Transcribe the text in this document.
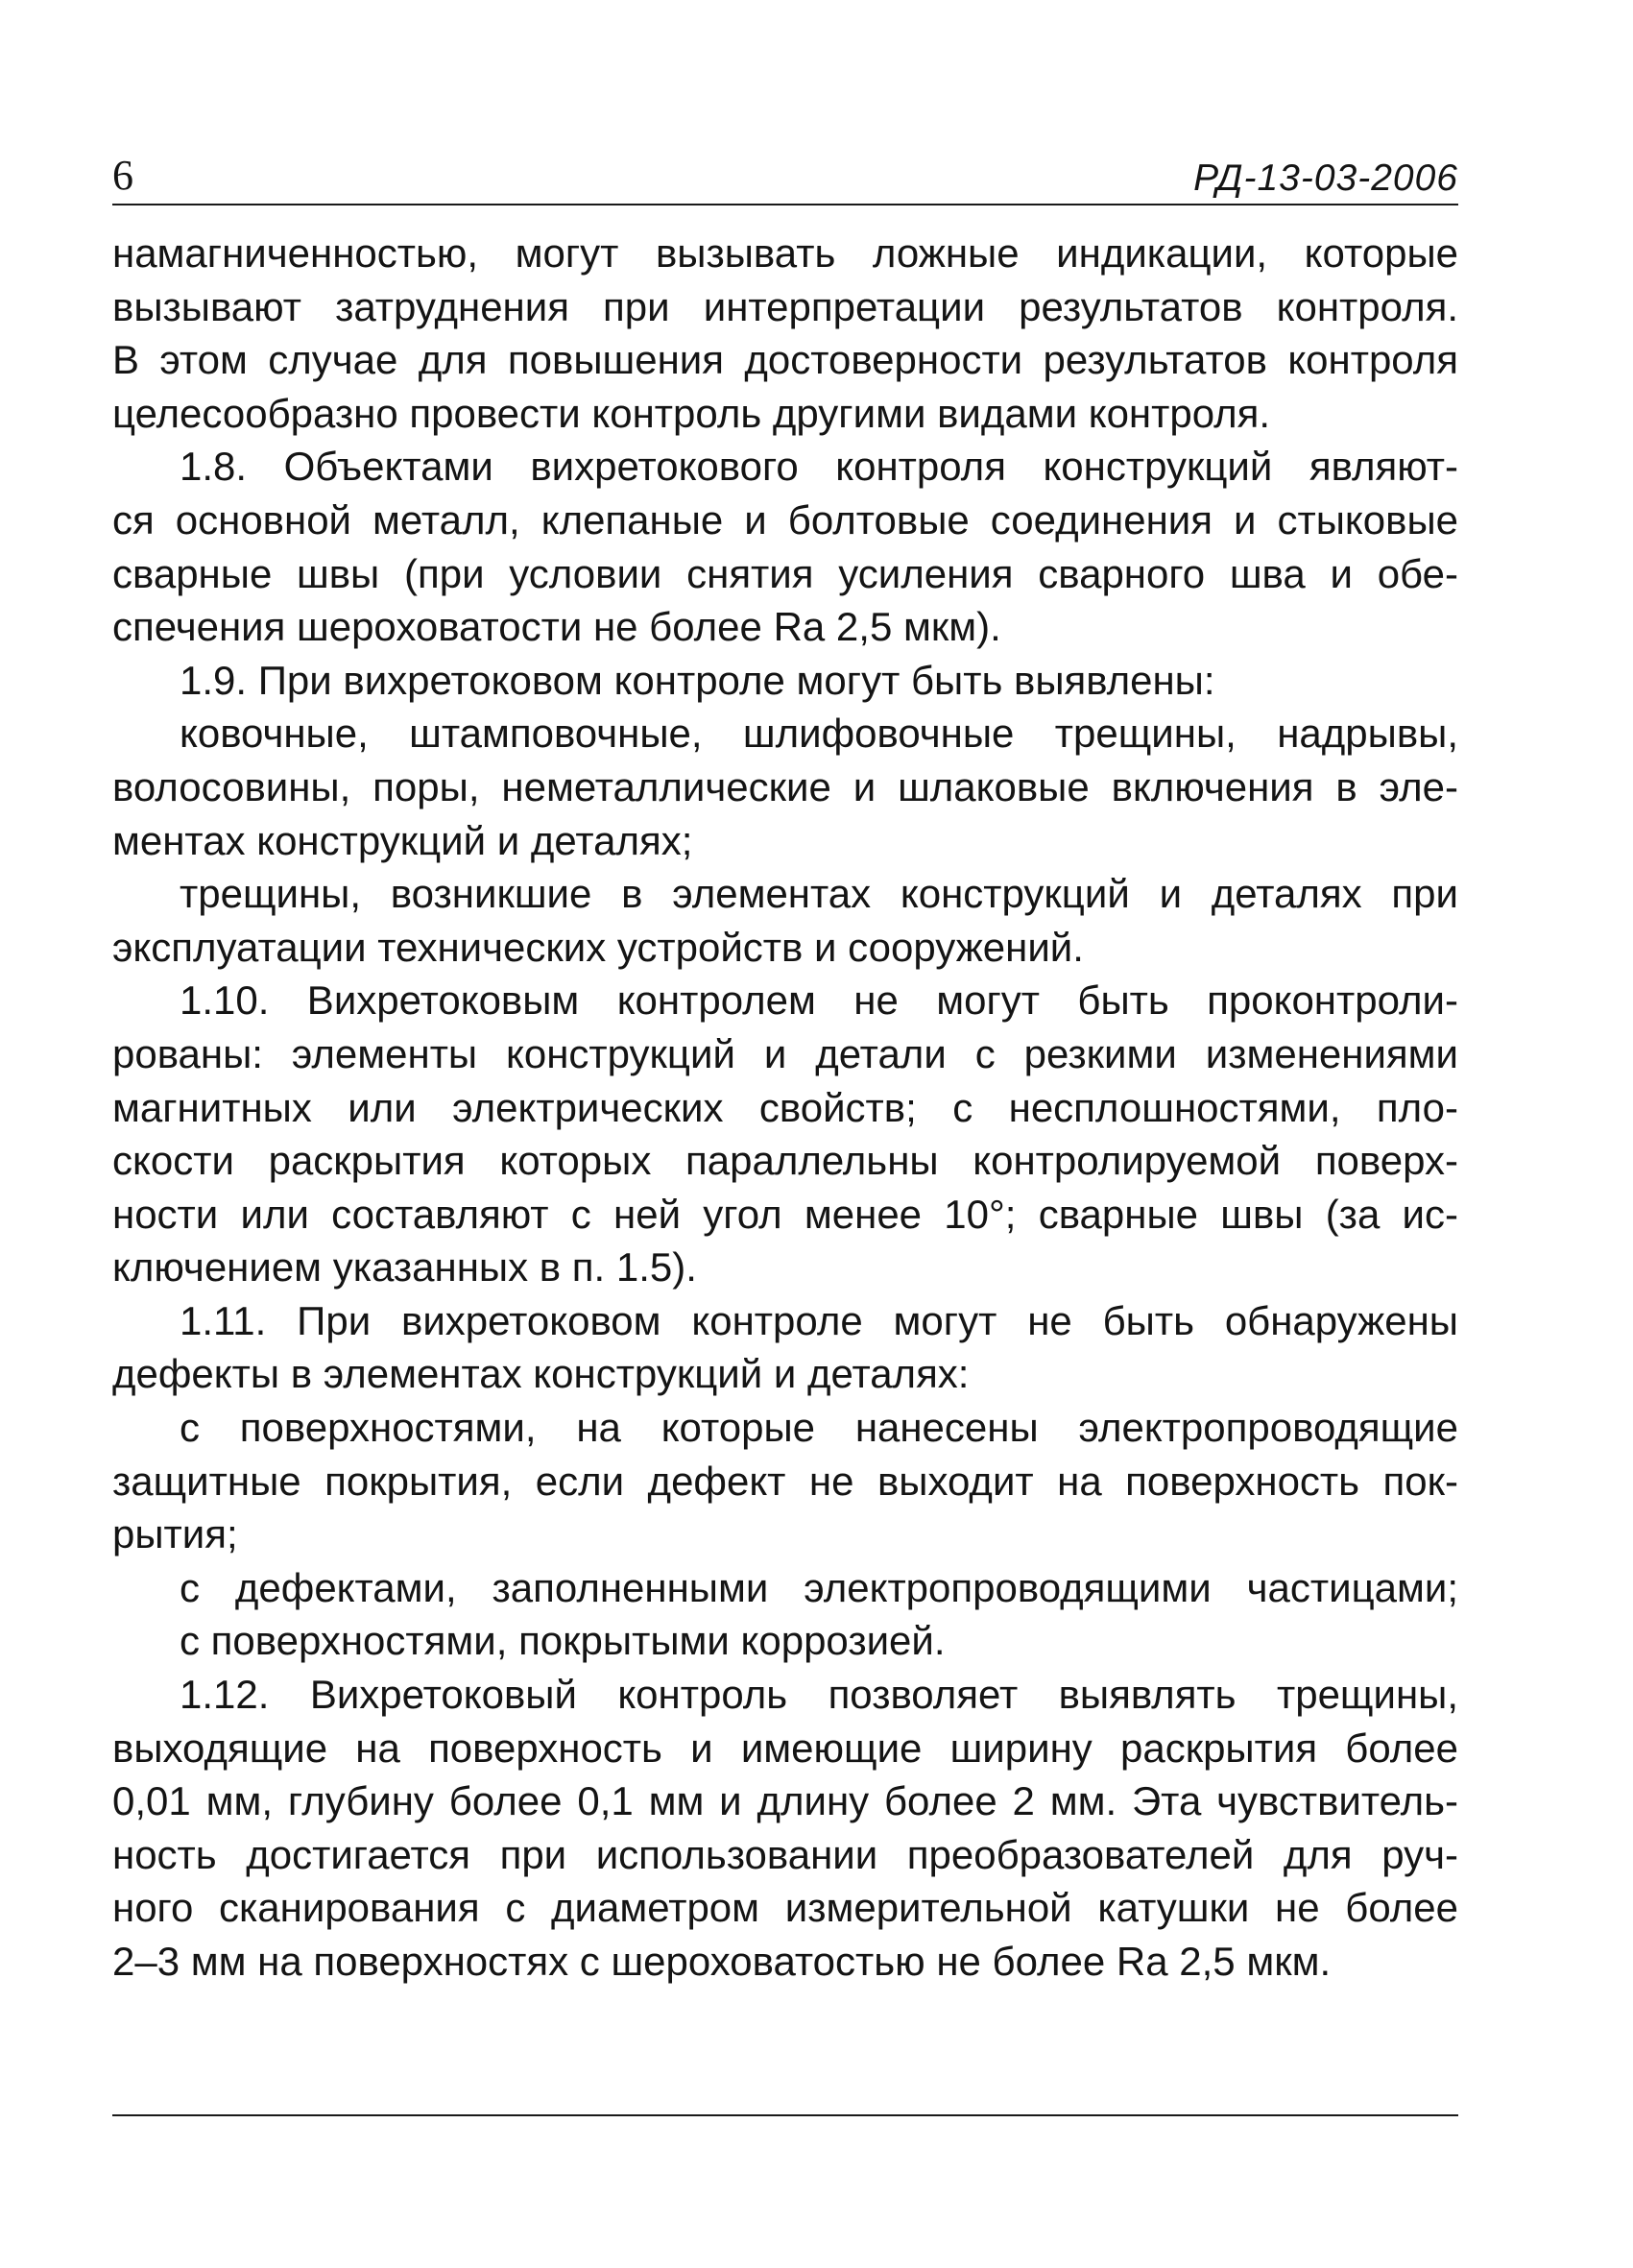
6	РД-13-03-2006
намагниченностью, могут вызывать ложные индикации, которые
вызывают затруднения при интерпретации результатов контроля.
В этом случае для повышения достоверности результатов контроля
целесообразно провести контроль другими видами контроля.
1.8. Объектами вихретокового контроля конструкций являют-
ся основной металл, клепаные и болтовые соединения и стыковые
сварные швы (при условии снятия усиления сварного шва и обе-
спечения шероховатости не более Ra 2,5 мкм).
1.9. При вихретоковом контроле могут быть выявлены:
ковочные, штамповочные, шлифовочные трещины, надрывы,
волосовины, поры, неметаллические и шлаковые включения в эле-
ментах конструкций и деталях;
трещины, возникшие в элементах конструкций и деталях при
эксплуатации технических устройств и сооружений.
1.10. Вихретоковым контролем не могут быть проконтроли-
рованы: элементы конструкций и детали с резкими изменениями
магнитных или электрических свойств; с несплошностями, пло-
скости раскрытия которых параллельны контролируемой поверх-
ности или составляют с ней угол менее 10°; сварные швы (за ис-
ключением указанных в п. 1.5).
1.11. При вихретоковом контроле могут не быть обнаружены
дефекты в элементах конструкций и деталях:
с поверхностями, на которые нанесены электропроводящие
защитные покрытия, если дефект не выходит на поверхность пок-
рытия;
с дефектами, заполненными электропроводящими частицами;
с поверхностями, покрытыми коррозией.
1.12. Вихретоковый контроль позволяет выявлять трещины,
выходящие на поверхность и имеющие ширину раскрытия более
0,01 мм, глубину более 0,1 мм и длину более 2 мм. Эта чувствитель-
ность достигается при использовании преобразователей для руч-
ного сканирования с диаметром измерительной катушки не более
2–3 мм на поверхностях с шероховатостью не более Ra 2,5 мкм.
